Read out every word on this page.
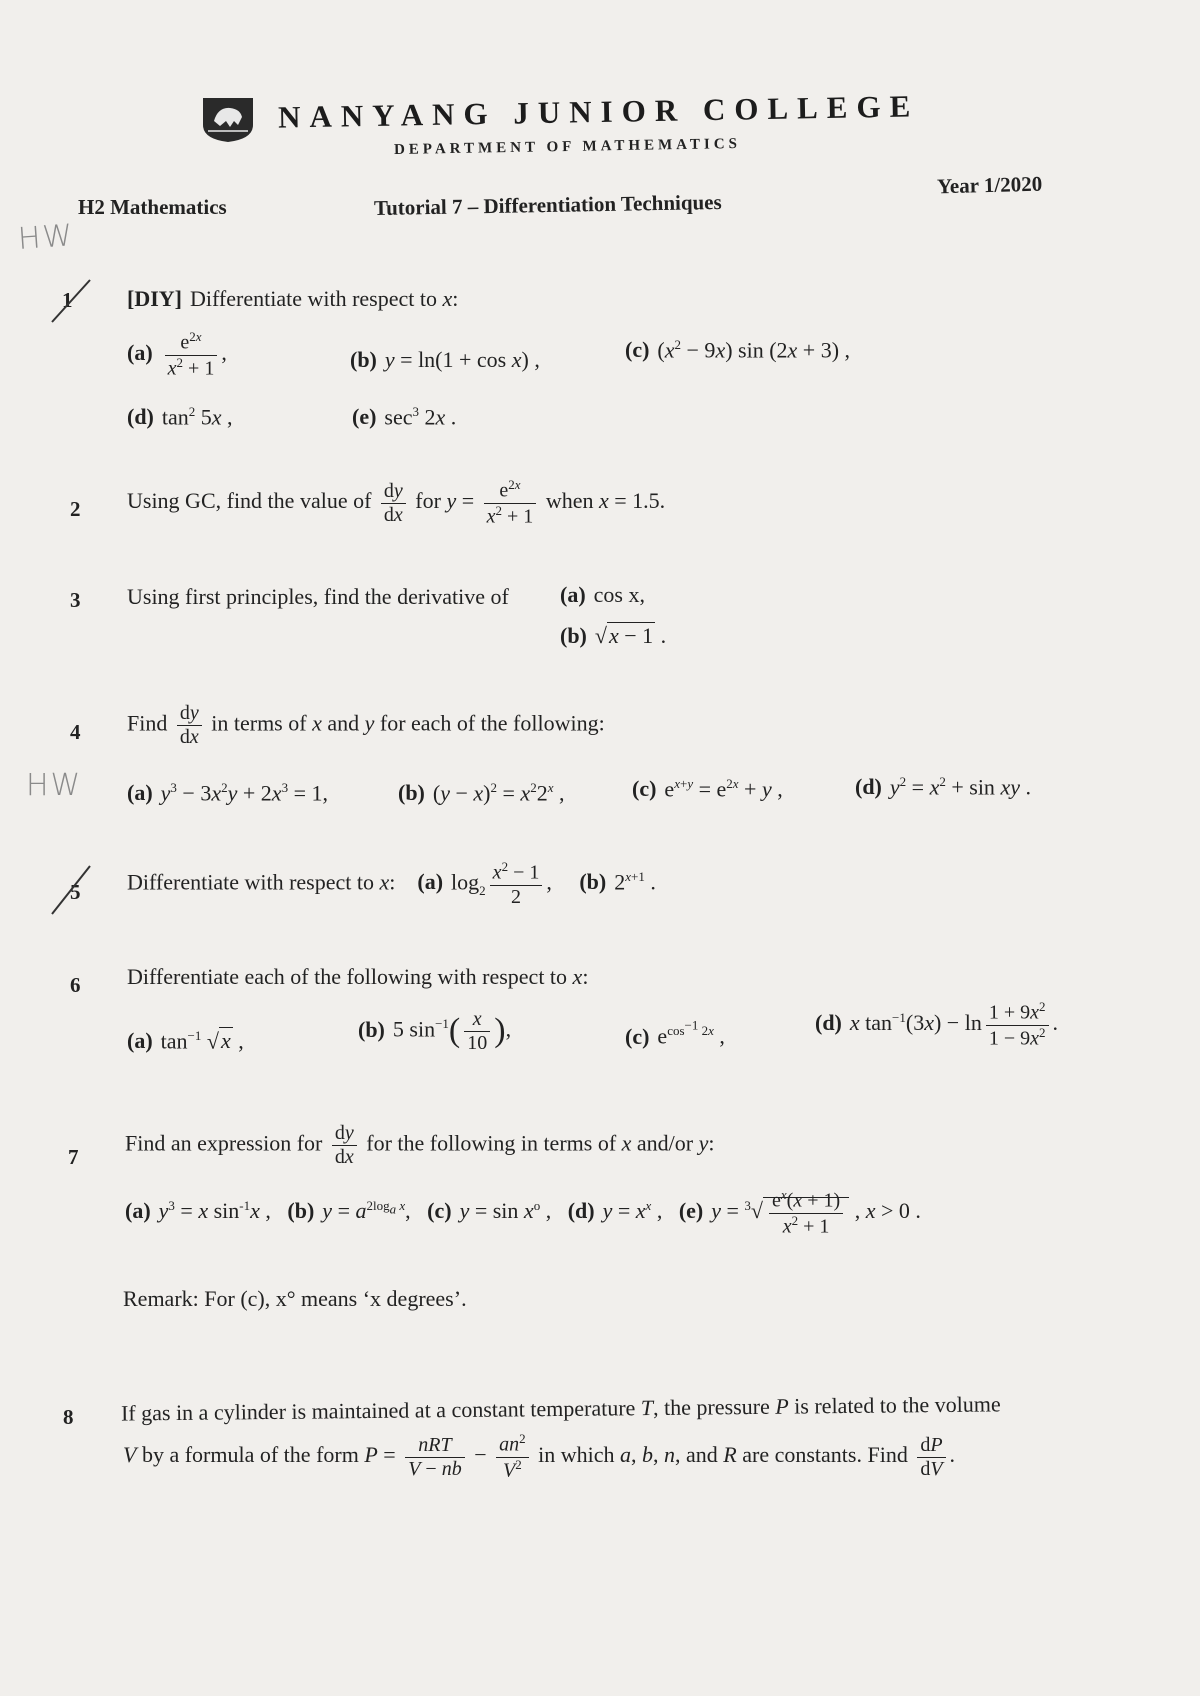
HW
HW
NANYANG JUNIOR COLLEGE
DEPARTMENT OF MATHEMATICS
H2 Mathematics	Tutorial 7 – Differentiation Techniques
Year 1/2020
1 [DIY] Differentiate with respect to x:
$(a) \frac{e^{2x}}{x^2 + 1}$ ,	(b) y = ln(1 + cos x) ,	(c) $(x^2 - 9x)$ sin (2x + 3) ,
(d) $\tan^2 5x$ ,	(e) $\sec^3 2x$ .
2 Using GC, find the value of $\frac{dy}{dx}$ for $y = \frac{e^{2x}}{x^2 + 1}$ when x = 1.5.
3 Using first principles, find the derivative of (a) cos x,
(b) √x − 1 .
4 Find $\frac{dy}{dx}$ in terms of x and y for each of the following:
(a) $y^3 - 3x^2y + 2x^3 = 1$,	(b) $(y - x)^2 = x^22^x$ ,	(c) $e^{x+y} = e^{2x} + y$ ,	(d) $y^2 = x^2 + \sin$ xy .
5 Differentiate with respect to x:    (a) $\log_2 \frac{x^2 - 1}{2}$ ,     (b) $2^{x+1}$ .
6 Differentiate each of the following with respect to x:
(a) $\tan^{-1} √x$ ,	(b) 5 $\sin^{-1}( \frac{x}{10}$ ),	(c) $e^{cos^{-1} 2x}$ ,
(d) x $\tan^{-1}(3x) - \ln \frac{1 + 9x^2}{1 - 9x^2}$ .
7
Find an expression for $\frac{dy}{dx}$ for the following in terms of x and/or y:
(a) $y^3 = x$ $\sin^{-1}x$ ,   (b) $y = a^{2log_a x}$,   (c) $y = \sin x^o$ ,   (d) $y = x^x$ ,   (e) $y = ^3√ \frac{e^x(x + 1)}{x^2 + 1}$ , x > 0 .
Remark: For (c), x° means ‘x degrees’.
8 If gas in a cylinder is maintained at a constant temperature T, the pressure P is related to the volume
V by a formula of the form $P = \frac{\text{nRT}}{V - nb} - \frac{an^2}{V^2}$ in which a, b, n, and R are constants. Find $\frac{dP}{dV}$ .
